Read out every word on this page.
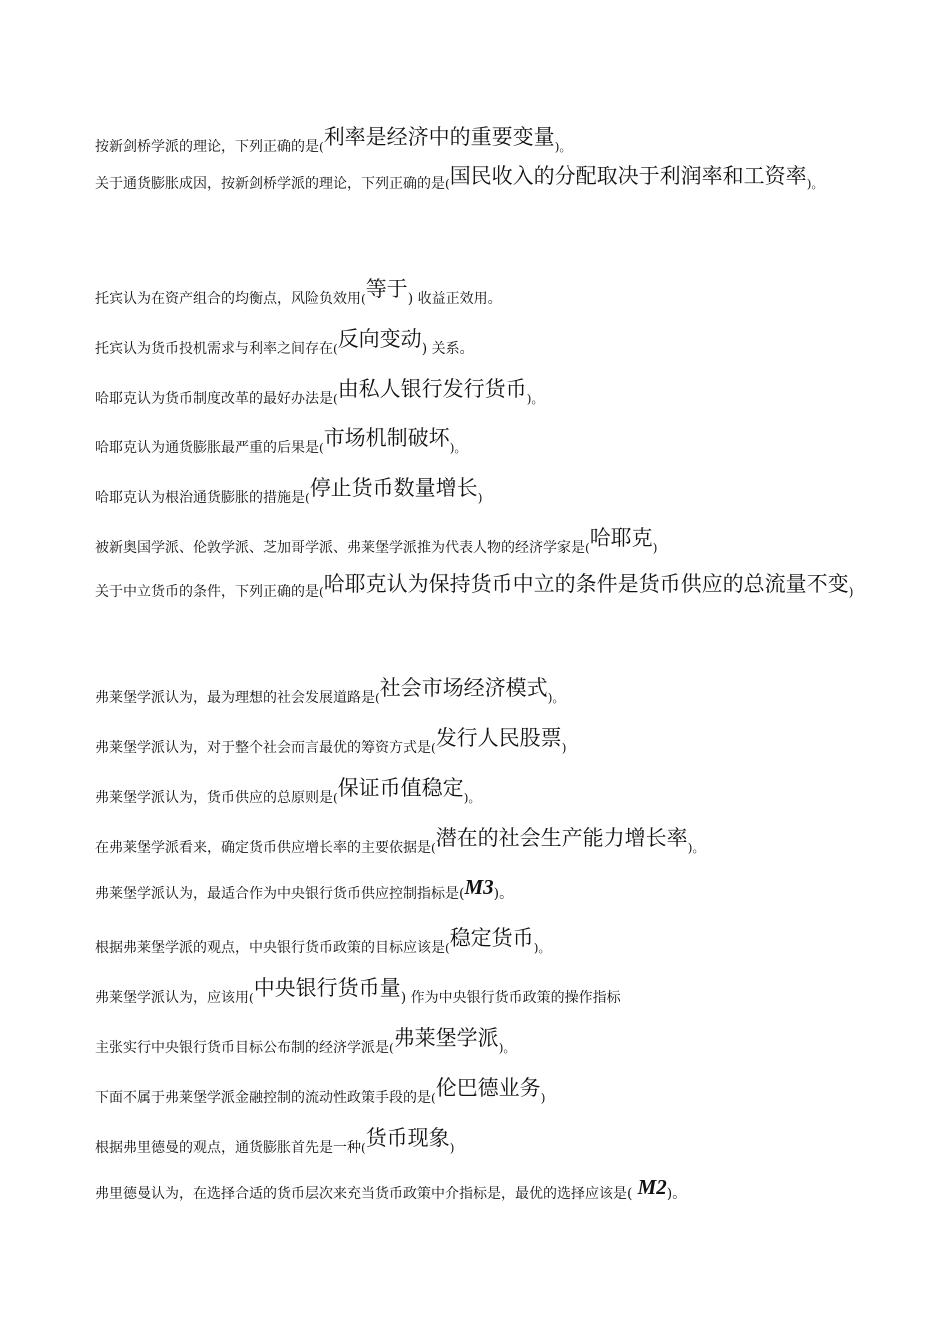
按新剑桥学派的理论，下列正确的是(利率是经济中的重要变量)。
关于通货膨胀成因，按新剑桥学派的理论，下列正确的是(国民收入的分配取决于利润率和工资率)。
托宾认为在资产组合的均衡点，风险负效用(等于) 收益正效用。
托宾认为货币投机需求与利率之间存在(反向变动) 关系。
哈耶克认为货币制度改革的最好办法是(由私人银行发行货币)。
哈耶克认为通货膨胀最严重的后果是(市场机制破坏)。
哈耶克认为根治通货膨胀的措施是(停止货币数量增长)
被新奥国学派、伦敦学派、芝加哥学派、弗莱堡学派推为代表人物的经济学家是(哈耶克)
关于中立货币的条件，下列正确的是(哈耶克认为保持货币中立的条件是货币供应的总流量不变)
弗莱堡学派认为，最为理想的社会发展道路是(社会市场经济模式)。
弗莱堡学派认为，对于整个社会而言最优的筹资方式是(发行人民股票)
弗莱堡学派认为，货币供应的总原则是(保证币值稳定)。
在弗莱堡学派看来，确定货币供应增长率的主要依据是(潜在的社会生产能力增长率)。
弗莱堡学派认为，最适合作为中央银行货币供应控制指标是(M3)。
根据弗莱堡学派的观点，中央银行货币政策的目标应该是(稳定货币)。
弗莱堡学派认为，应该用(中央银行货币量) 作为中央银行货币政策的操作指标
主张实行中央银行货币目标公布制的经济学派是(弗莱堡学派)。
下面不属于弗莱堡学派金融控制的流动性政策手段的是(伦巴德业务)
根据弗里德曼的观点，通货膨胀首先是一种(货币现象)
弗里德曼认为，在选择合适的货币层次来充当货币政策中介指标是，最优的选择应该是( M2)。
